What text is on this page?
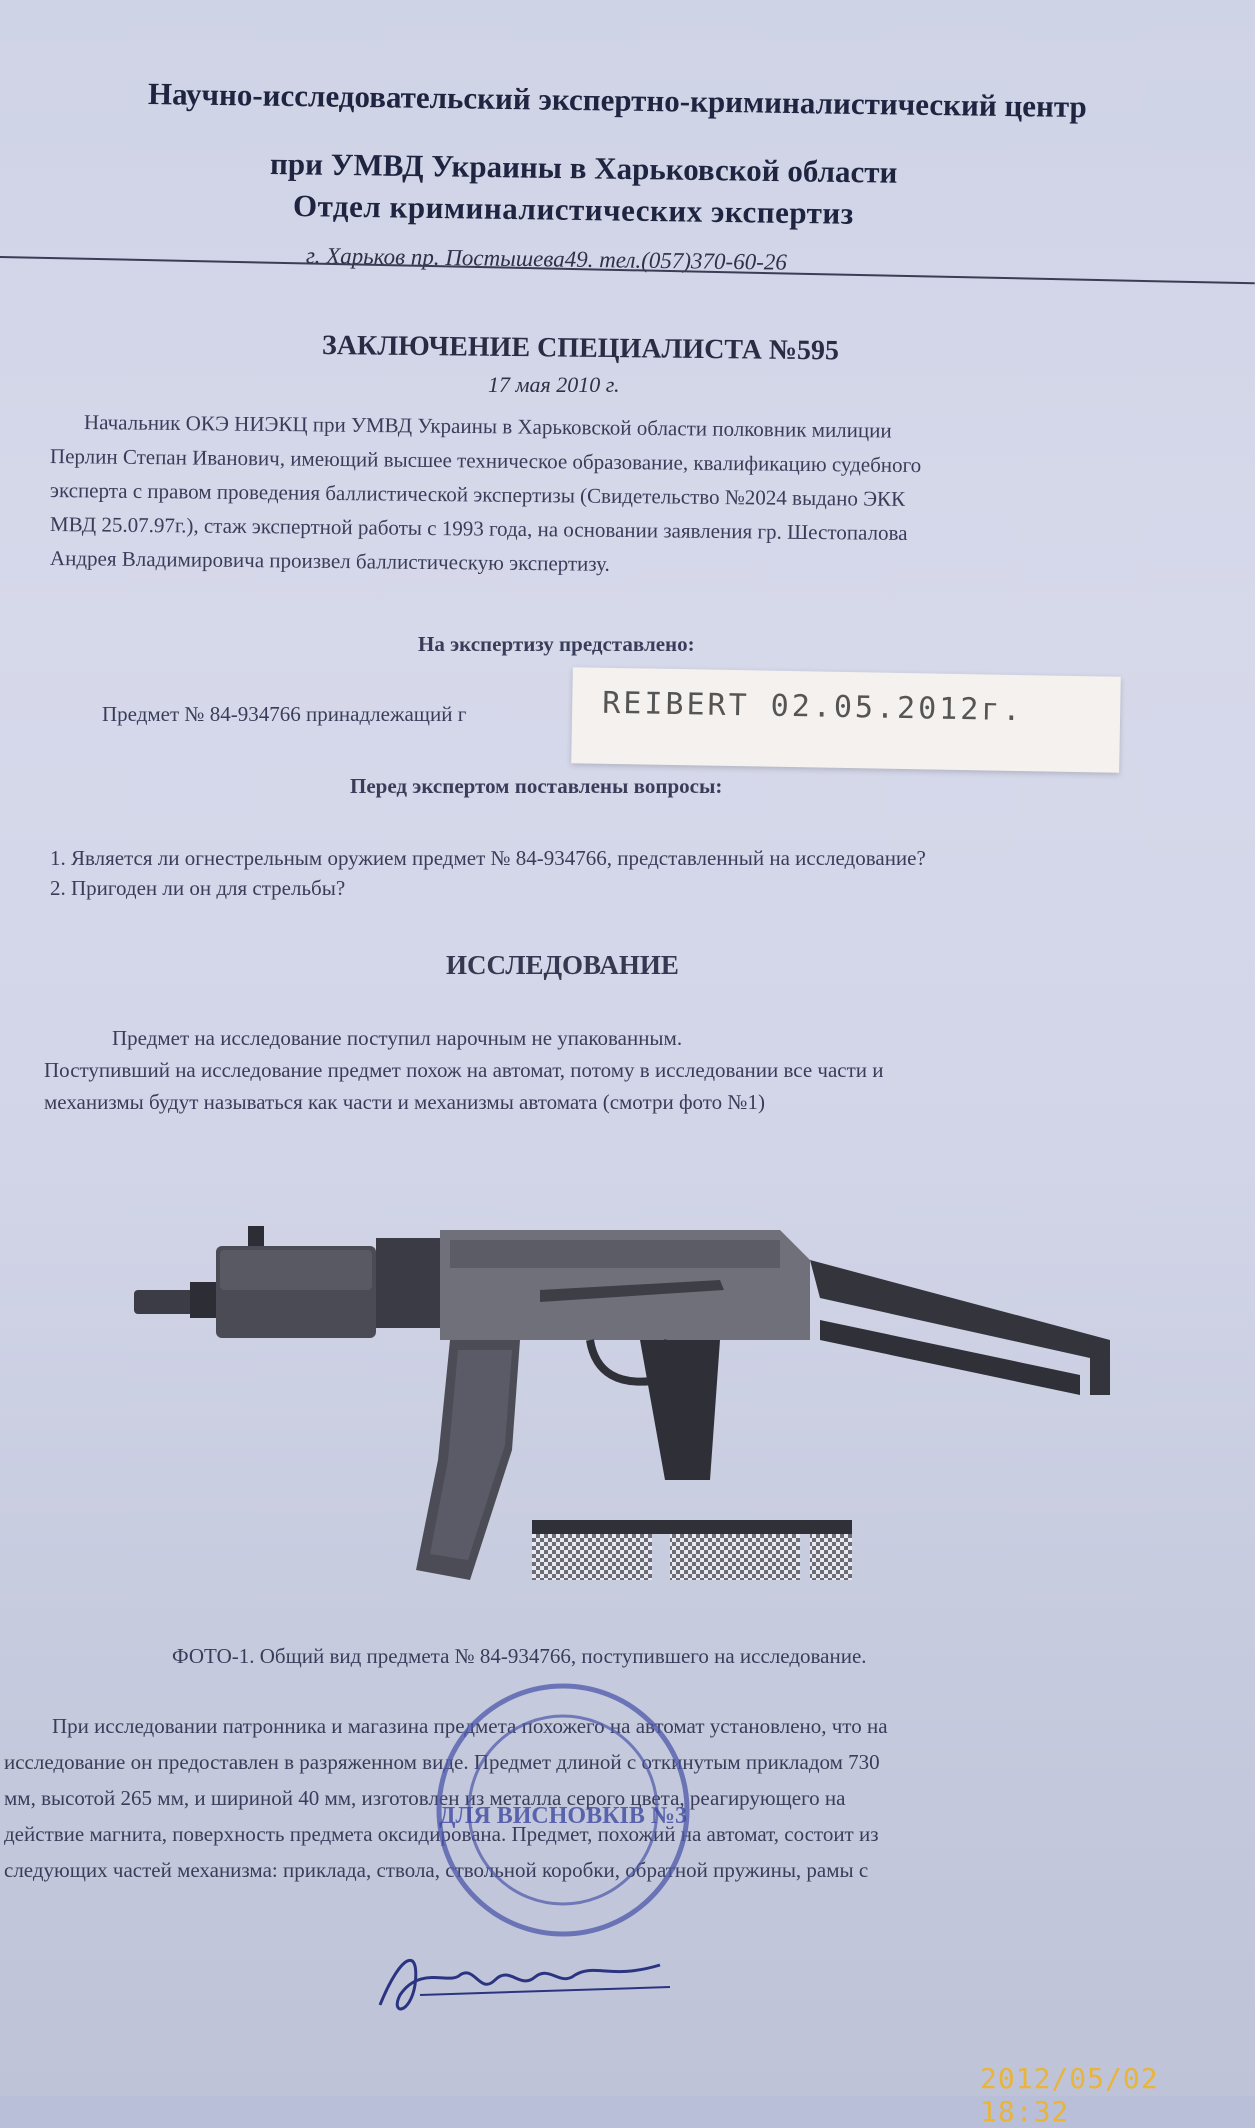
Научно-исследовательский экспертно-криминалистический центр
при УМВД Украины в Харьковской области
Отдел криминалистических экспертиз
г. Харьков пр. Постышева49. тел.(057)370-60-26
ЗАКЛЮЧЕНИЕ СПЕЦИАЛИСТА №595
17 мая 2010 г.
Начальник ОКЭ НИЭКЦ при УМВД Украины в Харьковской области полковник милиции
Перлин Степан Иванович, имеющий высшее техническое образование, квалификацию судебного
эксперта с правом проведения баллистической экспертизы (Свидетельство №2024 выдано ЭКК
МВД 25.07.97г.), стаж экспертной работы с 1993 года, на основании заявления гр. Шестопалова
Андрея Владимировича произвел баллистическую экспертизу.
На экспертизу представлено:
Предмет № 84-934766 принадлежащий г	REIBERT 02.05.2012г.
Перед экспертом поставлены вопросы:
1. Является ли огнестрельным оружием предмет № 84-934766, представленный на исследование?
2. Пригоден ли он для стрельбы?
ИССЛЕДОВАНИЕ
Предмет на исследование поступил нарочным не упакованным.
Поступивший на исследование предмет похож на автомат, потому в исследовании все части и
механизмы будут называться как части и механизмы автомата (смотри фото №1)
ФОТО-1. Общий вид предмета № 84-934766, поступившего на исследование.
При исследовании патронника и магазина предмета похожего на автомат установлено, что на
исследование он предоставлен в разряженном виде. Предмет длиной с откинутым прикладом 730
мм, высотой 265 мм, и шириной 40 мм, изготовлен из металла серого цвета, реагирующего на
действие магнита, поверхность предмета оксидирована. Предмет, похожий на автомат, состоит из
следующих частей механизма: приклада, ствола, ствольной коробки, обратной пружины, рамы с
ДЛЯ ВИСНОВКІВ №3
2012/05/02 18:32
